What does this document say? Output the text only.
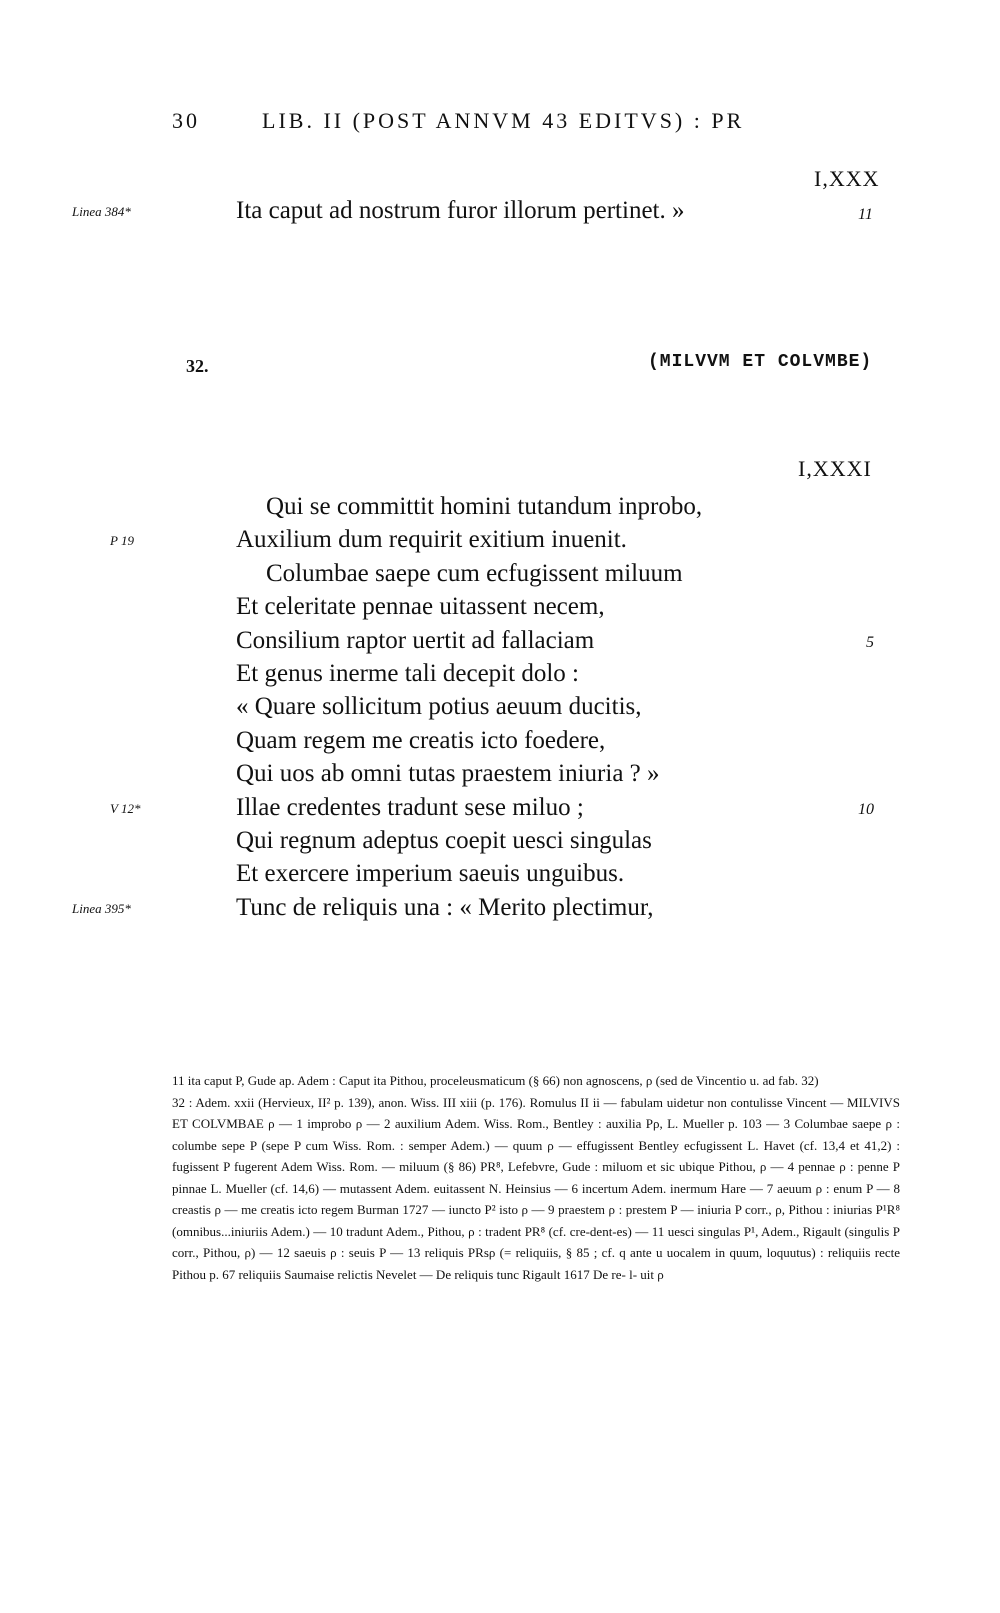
30	LIB. II (POST ANNVM 43 EDITVS) : PR
I,XXX
Linea 384*	Ita caput ad nostrum furor illorum pertinet. »	11
32.	(MILVVM ET COLVMBE)
I,XXXI
Qui se committit homini tutandum inprobo,
Auxilium dum requirit exitium inuenit.
P 19
Columbae saepe cum ecfugissent miluum
Et celeritate pennae uitassent necem,
Consilium raptor uertit ad fallaciam	5
Et genus inerme tali decepit dolo :
« Quare sollicitum potius aeuum ducitis,
Quam regem me creatis icto foedere,
Qui uos ab omni tutas praestem iniuria ? »
Illae credentes tradunt sese miluo ;
V 12*	10
Qui regnum adeptus coepit uesci singulas
Et exercere imperium saeuis unguibus.
Tunc de reliquis una : « Merito plectimur,
Linea 395*

11 ita caput P, Gude ap. Adem : Caput ita Pithou, proceleusmaticum (§ 66) non agnoscens, ρ (sed de Vincentio u. ad fab. 32)

32 : Adem. xxii (Hervieux, II² p. 139), anon. Wiss. III xiii (p. 176). Romulus II ii — fabulam uidetur non contulisse Vincent — MILVIVS ET COLVMBAE ρ — 1 improbo ρ — 2 auxilium Adem. Wiss. Rom., Bentley : auxilia Pρ, L. Mueller p. 103 — 3 Columbae saepe ρ : columbe sepe P (sepe P cum Wiss. Rom. : semper Adem.) — quum ρ — effugissent Bentley ecfugissent L. Havet (cf. 13,4 et 41,2) : fugissent P fugerent Adem Wiss. Rom. — miluum (§ 86) PR⁸, Lefebvre, Gude : miluom et sic ubique Pithou, ρ — 4 pennae ρ : penne P pinnae L. Mueller (cf. 14,6) — mutassent Adem. euitassent N. Heinsius — 6 incertum Adem. inermum Hare — 7 aeuum ρ : enum P — 8 creastis ρ — me creatis icto regem Burman 1727 — iuncto P² isto ρ — 9 praestem ρ : prestem P — iniuria P corr., ρ, Pithou : iniurias P¹R⁸ (omnibus...iniuriis Adem.) — 10 tradunt Adem., Pithou, ρ : tradent PR⁸ (cf. cre-dent-es) — 11 uesci singulas P¹, Adem., Rigault (singulis P corr., Pithou, ρ) — 12 saeuis ρ : seuis P — 13 reliquis PRsρ (= reliquiis, § 85 ; cf. q ante u uocalem in quum, loquutus) : reliquiis recte Pithou p. 67 reliquiis Saumaise relictis Nevelet — De reliquis tunc Rigault 1617 De re- l- uit ρ
